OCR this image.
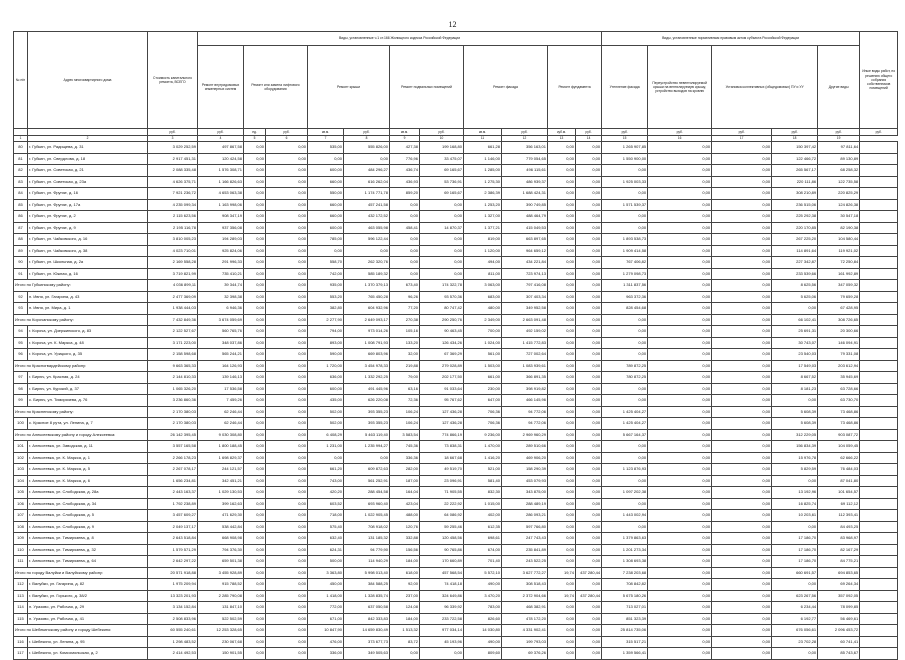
12
№ п/п	Адрес многоквартирного дома	Стоимость капитального ремонта, ВСЕГО	Виды, установленные ч.1 ст.166 Жилищного кодекса Российской Федерации											Виды, установленные нормативным правовым актом субъекта Российской Федерации					Иные виды работ, по решению общего собрания собственников помещений
			Ремонт внутридомовых инженерных систем	Ремонт или замена лифтового оборудования		Ремонт крыши		Ремонт подвальных помещений		Ремонт фасада		Ремонт фундамента		Утепление фасада	Переустройство невентилируемой крыши на вентилируемую крышу, устройство выходов на кровлю	Установка коллективных (общедомовых) ПУ и УУ		Другие виды	
		руб.	руб.	ед.	руб.	кв.м.	руб.	кв.м.	руб.	кв.м.	руб.	куб.м.	руб.	руб.	руб.	руб.	руб.	руб.	руб.
1	2	3	4	5	6	7	8	9	10	11	12	13	14	15	16	17	18	19	
80	г. Губкин, ул. Радищева, д. 31	3 029 252,59	497 867,58	0,00	0,00	535,00	555 826,00	427,38	199 168,80	661,28	356 163,01	0,00	0,00	1 265 907,85	0,00	0,00	150 397,42	97 811,64	
81	г. Губкин, ул. Свердлова, д. 18	2 917 451,31	120 424,58	0,00	0,00	0,00	0,00	776,96	33 475,07	1 146,00	779 054,65	0,00	0,00	1 550 900,00	0,00	0,00	122 466,72	89 130,89	
82	г. Губкин, ул. Советская, д. 21	2 088 335,48	1 576 308,71	0,00	0,00	600,00	484 296,27	436,74	69 165,67	1 285,00	496 115,61	0,00	0,00	0,00	0,00	0,00	265 567,17	68 258,32	
83	г. Губкин, ул. Советская, д. 23а	4 626 375,71	1 166 826,63	0,00	0,00	660,00	616 262,04	436,93	53 736,91	1 275,30	486 939,37	0,00	0,00	1 925 003,33	0,00	0,00	220 111,86	122 735,58	
84	г. Губкин, ул. Фрунзе, д. 16	7 921 236,72	4 653 063,38	0,00	0,00	550,00	1 174 771,78	859,20	69 165,67	2 386,39	1 688 424,31	0,00	0,00	0,00	0,00	0,00	308 210,89	220 825,29	
85	г. Губкин, ул. Фрунзе, д. 17а	4 235 099,34	1 163 998,06	0,00	0,00	660,00	457 241,58	0,00	0,00	1 253,20	390 749,85	0,00	0,00	1 571 539,37	0,00	0,00	236 515,06	124 826,38	
86	г. Губкин, ул. Фрунзе, д. 2	2 115 623,56	908 347,19	0,00	0,00	660,00	432 172,52	0,00	0,00	1 327,00	488 464,79	0,00	0,00	0,00	0,00	0,00	225 292,38	30 547,18	
87	г. Губкин, ул. Фрунзе, д. 9	2 195 116,78	937 356,08	0,00	0,00	600,00	463 055,98	458,41	14 870,37	1 377,21	415 049,53	0,00	0,00	0,00	0,00	0,00	220 170,85	82 190,38	
88	г. Губкин, ул. Чайковского, д. 16	3 810 005,23	194 289,03	0,00	0,00	785,00	596 122,44	0,00	0,00	819,00	663 897,65	0,00	0,00	1 893 538,73	0,00	0,00	267 225,20	104 580,44	
89	г. Губкин, ул. Чайковского, д. 38	4 023 710,01	925 824,06	0,00	0,00	0,00	0,00	0,00	0,00	1 120,00	964 659,12	0,00	0,00	1 909 414,58	0,00	0,00	114 891,64	119 921,02	
90	г. Губкин, ул. Школьная, д. 2а	2 169 558,28	291 996,33	0,00	0,00	558,70	262 320,76	0,00	0,00	494,00	434 221,84	0,00	0,00	767 406,82	0,00	0,00	227 342,87	72 250,84	
91	г. Губкин, ул. Южная, д. 16	3 719 821,99	735 410,21	0,00	0,00	742,00	585 189,32	0,00	0,00	811,00	723 974,13	0,00	0,00	1 279 098,73	0,00	0,00	233 539,66	161 992,89	
Итого по Губкинскому району:		4 036 899,11	39 344,74	0,00	0,00	935,00	1 370 379,13	673,40	174 322,78	3 063,00	797 416,08	0,00	0,00	1 311 837,56	0,00	0,00	8 625,56	347 059,32	
92	п. Ивня, ул. Гагарина, д. 43	2 477 369,09	32 398,38	0,00	0,00	553,20	765 450,28	96,26	93 570,36	683,00	307 403,34	0,00	0,00	963 372,36	0,00	0,00	5 625,06	79 659,28	
93	п. Ивня, ул. Мира, д. 1	1 938 444,03	6 946,36	0,00	0,00	382,80	604 932,96	77,20	80 747,42	480,00	349 952,58	0,00	0,00	828 454,68	0,00	0,00	0,00	67 428,95	
Итого по Корочанскому району:		7 432 849,36	3 674 059,69	0,00	0,00	2 277,90	2 649 093,17	270,38	290 250,76	2 349,00	2 663 091,48	0,00	0,00	0,00	0,00	0,00	66 102,41	308 726,65	
94	г. Короча, ул. Дзержинского, д. 83	2 122 527,67	560 765,76	0,00	0,00	794,00	973 014,26	105,16	90 463,45	700,00	492 159,02	0,00	0,00	0,00	0,00	0,00	25 691,31	20 300,66	
95	г. Короча, ул. К. Маркса, д. 48	3 171 223,00	348 037,86	0,00	0,00	893,00	1 008 791,93	133,20	126 434,26	1 024,00	1 415 772,83	0,00	0,00	0,00	0,00	0,00	30 743,07	146 094,91	
96	г. Короча, ул. Урицкого, д. 35	2 158 598,68	565 244,21	0,00	0,00	590,00	669 803,96	32,00	67 369,29	561,00	727 002,64	0,00	0,00	0,00	0,00	0,00	23 540,03	79 331,08	
Итого по Красногвардейскому району:		9 663 365,33	164 126,93	0,00	0,00	1 720,00	3 454 978,33	219,88	279 028,89	1 503,00	1 083 939,61	0,00	0,00	789 872,25	0,00	0,00	17 549,03	203 612,94	
97	г. Бирюч, ул. Красная, д. 24	2 144 810,33	139 146,13	0,00	0,00	636,00	1 332 292,25	79,00	202 177,50	661,00	366 891,35	0,00	0,00	780 872,25	0,00	0,00	8 667,52	35 945,69	
98	г. Бирюч, ул. Курский, д. 37	1 065 326,20	17 536,58	0,00	0,00	600,00	491 445,96	63,16	91 033,64	230,00	398 919,82	0,00	0,00	0,00	0,00	0,00	8 181,23	63 728,66	
99	с. Бирюч, ул. Тимирязева, д. 76	3 236 860,36	7 459,26	0,00	0,00	435,00	626 220,08	72,36	95 767,62	647,00	466 145,96	0,00	0,00	0,00	0,00	0,00	0,00	63 730,70	
Итого по Красненскому району:		2 170 380,03	62 246,44	0,00	0,00	502,00	393 355,23	106,24	127 436,28	706,36	94 772,06	0,00	0,00	1 425 404,27	0,00	0,00	5 608,39	73 468,86	
100	с. Красное 8 рута, ул. Ленина, д. 7	2 170 380,03	62 246,44	0,00	0,00	502,00	393 355,23	106,24	127 436,28	706,36	94 772,06	0,00	0,00	1 425 404,27	0,00	0,00	5 608,39	73 468,86	
Итого по Алексеевскому району и городу Алексеевка:		26 142 395,45	9 030 308,80	0,00	0,00	6 408,29	5 463 119,40	3 583,54	774 866,19	9 236,00	2 969 960,29	0,00	0,00	5 667 164,37	0,00	0,00	312 229,05	903 087,72	
101	г. Алексеевка, ул. Заводская, д. 11	3 557 165,58	1 800 188,45	0,00	0,00	1 231,00	1 235 994,27	745,36	73 838,31	1 470,00	289 510,66	0,00	0,00	0,00	0,00	0,00	156 834,39	104 059,45	
102	г. Алексеевка, ул. К. Маркса, д. 1	2 266 178,23	1 698 829,37	0,00	0,00	0,00	0,00	336,36	18 667,68	1 416,20	469 906,20	0,00	0,00	0,00	0,00	0,00	15 976,78	62 666,22	
103	г. Алексеевка, ул. К. Маркса, д. 5	2 267 078,17	244 121,57	0,00	0,00	661,20	609 872,63	282,00	49 519,70	521,00	158 290,39	0,00	0,00	1 123 876,93	0,00	0,00	5 829,59	76 484,03	
104	г. Алексеевка, ул. К. Маркса, д. 6	1 656 234,81	342 451,21	0,00	0,00	743,00	561 252,91	187,00	23 096,91	581,40	453 079,93	0,00	0,00	0,00	0,00	0,00	0,00	87 041,80	
105	г. Алексеевка, ул. Слободская, д. 28а	2 443 163,37	1 029 130,53	0,00	0,00	420,20	288 454,58	164,04	71 905,55	832,30	343 875,00	0,00	0,00	1 097 202,38	0,00	0,00	13 192,96	101 654,57	
106	г. Алексеевка, ул. Слободская, д. 34	1 792 238,89	399 162,63	0,00	0,00	603,52	693 960,40	423,04	22 222,92	1 015,00	288 489,19	0,00	0,00	0,00	0,00	0,00	16 825,74	69 112,12	
107	г. Алексеевка, ул. Слободская, д. 5	3 457 609,27	471 629,30	0,00	0,00	718,00	1 022 905,45	488,00	64 086,92	402,00	286 093,21	0,00	0,00	1 443 002,94	0,00	0,00	10 203,61	112 393,41	
108	г. Алексеевка, ул. Слободская, д. 9	2 049 137,17	538 442,84	0,00	0,00	575,40	708 918,02	120,76	59 255,46	612,35	597 766,80	0,00	0,00	0,00	0,00	0,00	0,00	84 493,25	
109	г. Алексеевка, ул. Тимирязева, д. 8	2 643 518,84	668 908,98	0,00	0,00	632,40	131 185,32	332,88	120 458,56	698,61	247 743,43	0,00	0,00	1 379 863,63	0,00	0,00	17 186,70	83 968,97	
110	г. Алексеевка, ул. Тимирязева, д. 32	1 579 571,29	794 376,30	0,00	0,00	624,31	94 779,90	156,56	90 765,86	674,00	235 841,89	0,00	0,00	1 201 273,34	0,00	0,00	17 186,70	82 167,29	
111	г. Алексеевка, ул. Тимирязева, д. 64	2 642 297,22	659 501,38	0,00	0,00	500,00	114 940,29	184,00	170 660,89	701,40	243 522,25	0,00	0,00	1 308 693,38	0,00	0,00	17 186,70	84 775,21	
Итого по городу Валуйки и Валуйскому району:		20 571 918,88	3 455 928,89	0,00	0,00	3 363,80	5 998 013,40	618,00	457 568,54	5 572,10	3 627 772,27	19,74	437 280,44	7 238 203,68	0,00	0,00	660 691,57	694 853,65	
112	г. Валуйки, ул. Гагарина, д. 82	1 975 209,94	915 788,52	0,00	0,00	450,00	384 588,25	92,00	74 418,18	490,00	308 518,43	0,00	0,00	708 842,82	0,00	0,00	0,00	69 264,34	
113	г. Валуйки, ул. Горького, д. 38/2	13 323 201,93	2 285 790,08	0,00	0,00	1 418,00	1 328 835,74	237,00	324 649,86	3 470,20	2 372 904,66	19,74	437 280,44	5 675 180,26	0,00	0,00	623 267,56	357 092,05	
114	п. Уразово, ул. Рабочая, д. 29	3 134 152,84	131 847,10	0,00	0,00	772,00	637 050,58	124,08	96 339,92	783,00	468 382,91	0,00	0,00	713 027,01	0,00	0,00	6 234,44	78 099,85	
115	п. Уразово, ул. Рабочая, д. 41	2 508 833,96	522 502,59	0,00	0,00	671,00	842 333,83	184,00	233 722,58	826,60	478 172,20	0,00	0,00	851 323,39	0,00	0,00	6 192,77	56 469,61	
Итого по Шебекинскому району и городу Шебекино:		60 555 240,61	12 253 328,65	0,00	0,00	10 847,90	14 659 830,49	1 513,32	977 034,14	14 030,80	4 331 902,41	0,00	0,00	25 814 735,06	0,00	0,00	676 056,61	2 096 453,72	
116	г. Шебекино, ул. Ленина, д. 95	1 298 483,52	230 067,68	0,00	0,00	476,00	373 677,73	83,72	45 193,96	490,00	199 793,03	0,00	0,00	315 517,21	0,00	0,00	23 702,28	60 741,41	
117	г. Шебекино, ул. Комсомольская, д. 2	2 414 492,53	150 901,55	0,00	0,00	336,00	349 505,63	0,00	0,00	809,60	69 376,26	0,00	0,00	1 359 566,41	0,00	0,00	0,00	85 743,67	
